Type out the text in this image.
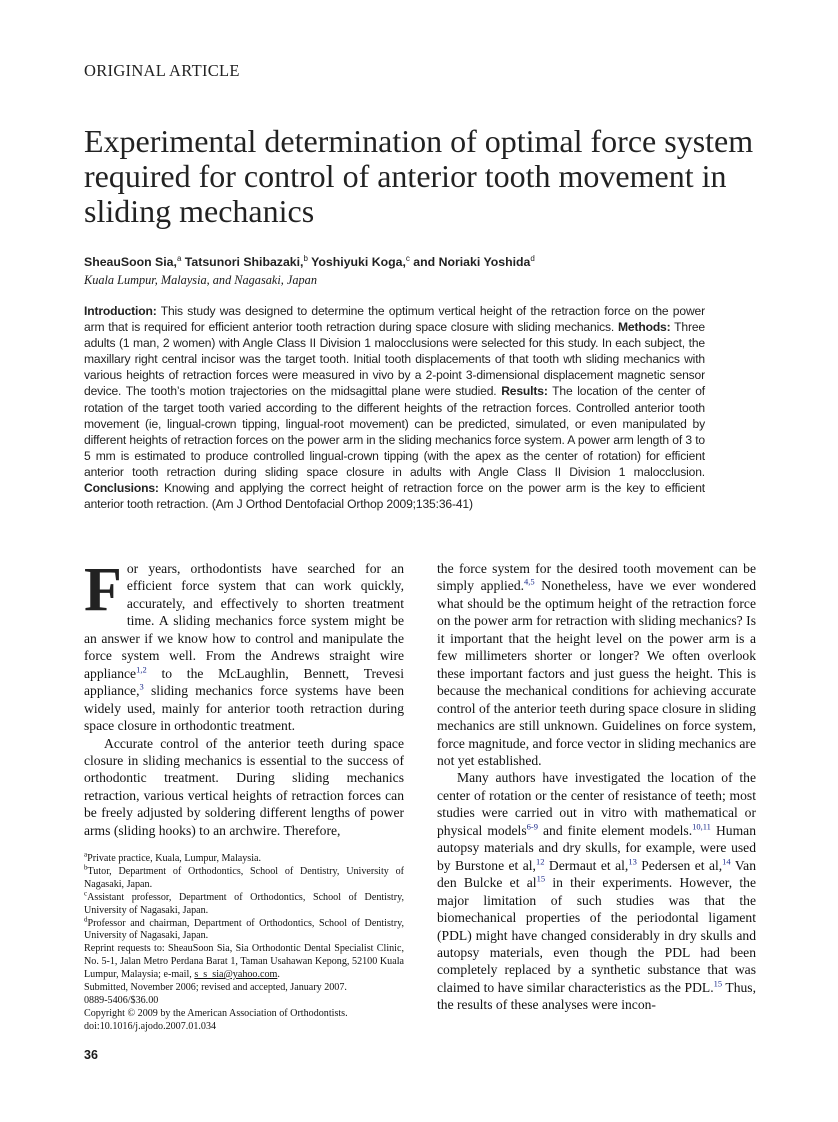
ORIGINAL ARTICLE
Experimental determination of optimal force system required for control of anterior tooth movement in sliding mechanics
SheauSoon Sia,$^a$ Tatsunori Shibazaki,$^b$ Yoshiyuki Koga,$^c$ and Noriaki Yoshida$^d$
Kuala Lumpur, Malaysia, and Nagasaki, Japan
Introduction: This study was designed to determine the optimum vertical height of the retraction force on the power arm that is required for efficient anterior tooth retraction during space closure with sliding mechanics. Methods: Three adults (1 man, 2 women) with Angle Class II Division 1 malocclusions were selected for this study. In each subject, the maxillary right central incisor was the target tooth. Initial tooth displacements of that tooth wth sliding mechanics with various heights of retraction forces were measured in vivo by a 2-point 3-dimensional displacement magnetic sensor device. The tooth’s motion trajectories on the midsagittal plane were studied. Results: The location of the center of rotation of the target tooth varied according to the different heights of the retraction forces. Controlled anterior tooth movement (ie, lingual-crown tipping, lingual-root movement) can be predicted, simulated, or even manipulated by different heights of retraction forces on the power arm in the sliding mechanics force system. A power arm length of 3 to 5 mm is estimated to produce controlled lingual-crown tipping (with the apex as the center of rotation) for efficient anterior tooth retraction during sliding space closure in adults with Angle Class II Division 1 malocclusion. Conclusions: Knowing and applying the correct height of retraction force on the power arm is the key to efficient anterior tooth retraction. (Am J Orthod Dentofacial Orthop 2009;135:36-41)
F or years, orthodontists have searched for an efficient force system that can work quickly, accurately, and effectively to shorten treatment time. A sliding mechanics force system might be an answer if we know how to control and manipulate the force system well. From the Andrews straight wire appliance$^{1,2}$ to the McLaughlin, Bennett, Trevesi appliance,$^3$ sliding mechanics force systems have been widely used, mainly for anterior tooth retraction during space closure in orthodontic treatment.

Accurate control of the anterior teeth during space closure in sliding mechanics is essential to the success of orthodontic treatment. During sliding mechanics retraction, various vertical heights of retraction forces can be freely adjusted by soldering different lengths of power arms (sliding hooks) to an archwire. Therefore,

the force system for the desired tooth movement can be simply applied.$^{4,5}$ Nonetheless, have we ever wondered what should be the optimum height of the retraction force on the power arm for retraction with sliding mechanics? Is it important that the height level on the power arm is a few millimeters shorter or longer? We often overlook these important factors and just guess the height. This is because the mechanical conditions for achieving accurate control of the anterior teeth during space closure in sliding mechanics are still unknown. Guidelines on force system, force magnitude, and force vector in sliding mechanics are not yet established.

Many authors have investigated the location of the center of rotation or the center of resistance of teeth; most studies were carried out in vitro with mathematical or physical models$^{6-9}$ and finite element models.$^{10,11}$ Human autopsy materials and dry skulls, for example, were used by Burstone et al,$^{12}$ Dermaut et al,$^{13}$ Pedersen et al,$^{14}$ Van den Bulcke et $al^{15}$ in their experiments. However, the major limitation of such studies was that the biomechanical properties of the periodontal ligament (PDL) might have changed considerably in dry skulls and autopsy materials, even though the PDL had been completely replaced by a synthetic substance that was claimed to have similar characteristics as the PDL.$^{15}$ Thus, the results of these analyses were incon-

$^a$Private practice, Kuala, Lumpur, Malaysia.
$^b$Tutor, Department of Orthodontics, School of Dentistry, University of Nagasaki, Japan.
$^c$Assistant professor, Department of Orthodontics, School of Dentistry, University of Nagasaki, Japan.
$^d$Professor and chairman, Department of Orthodontics, School of Dentistry, University of Nagasaki, Japan.
Reprint requests to: SheauSoon Sia, Sia Orthodontic Dental Specialist Clinic, No. 5-1, Jalan Metro Perdana Barat 1, Taman Usahawan Kepong, 52100 Kuala Lumpur, Malaysia; e-mail, s_s_sia@yahoo.com.
Submitted, November 2006; revised and accepted, January 2007.
0889-5406/$36.00
Copyright © 2009 by the American Association of Orthodontists.
doi:10.1016/j.ajodo.2007.01.034
36
